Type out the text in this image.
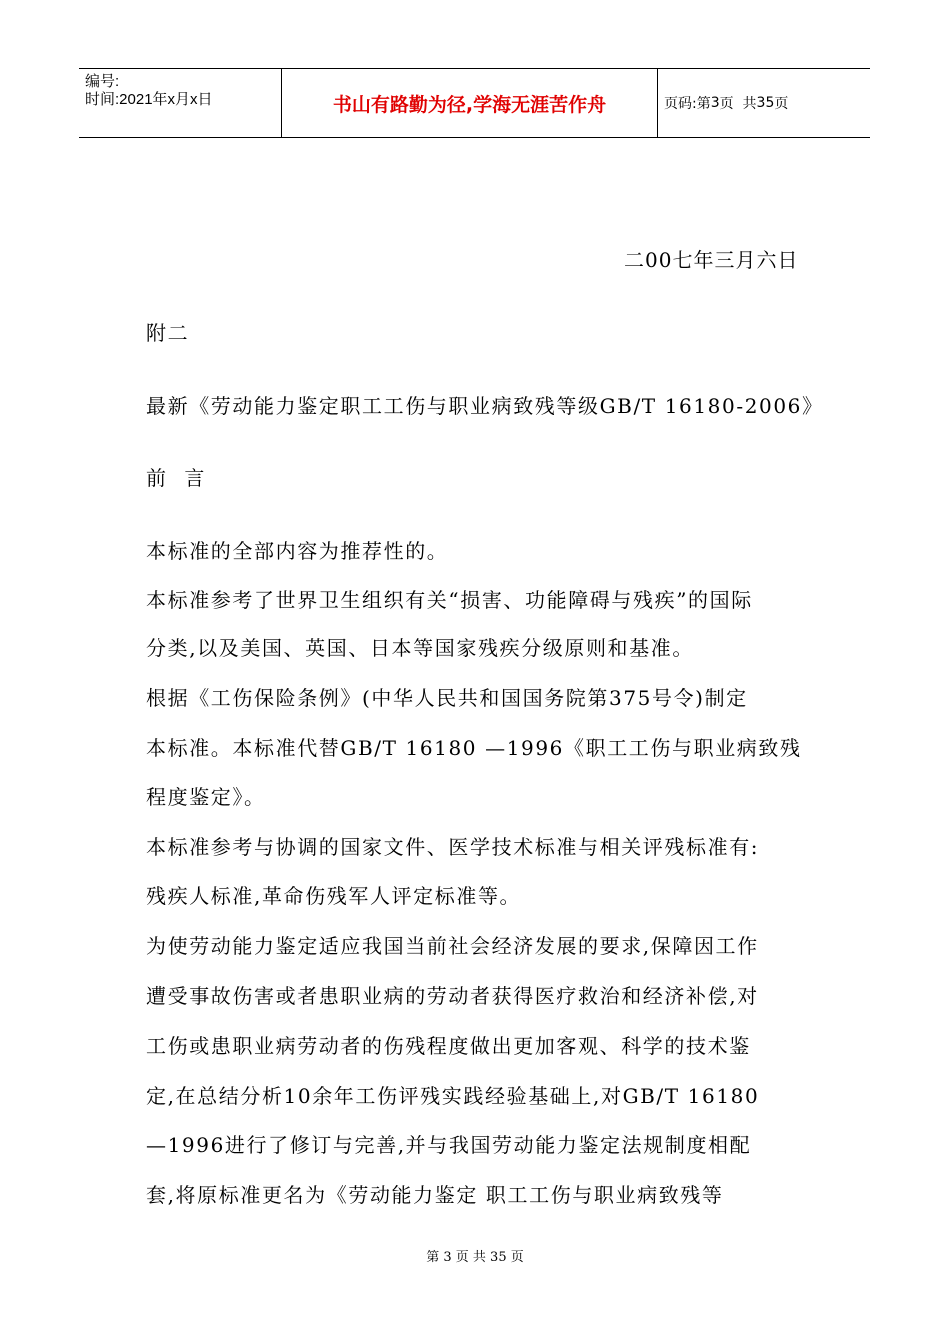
编号:
时间:2021年x月x日	书山有路勤为径,学海无涯苦作舟	页码:第 3 页  共 35 页
二00七年三月六日
附二
最新《劳动能力鉴定职工工伤与职业病致残等级GB/T 16180-2006》
前 言
本标准的全部内容为推荐性的。
本标准参考了世界卫生组织有关“损害、功能障碍与残疾”的国际
分类,以及美国、英国、日本等国家残疾分级原则和基准。
根据《工伤保险条例》(中华人民共和国国务院第375号令)制定
本标准。本标准代替GB/T 16180 —1996《职工工伤与职业病致残
程度鉴定》。
本标准参考与协调的国家文件、医学技术标准与相关评残标准有:
残疾人标准,革命伤残军人评定标准等。
为使劳动能力鉴定适应我国当前社会经济发展的要求,保障因工作
遭受事故伤害或者患职业病的劳动者获得医疗救治和经济补偿,对
工伤或患职业病劳动者的伤残程度做出更加客观、科学的技术鉴
定,在总结分析10余年工伤评残实践经验基础上,对GB/T 16180
—1996进行了修订与完善,并与我国劳动能力鉴定法规制度相配
套,将原标准更名为《劳动能力鉴定 职工工伤与职业病致残等
第 3 页 共 35 页
